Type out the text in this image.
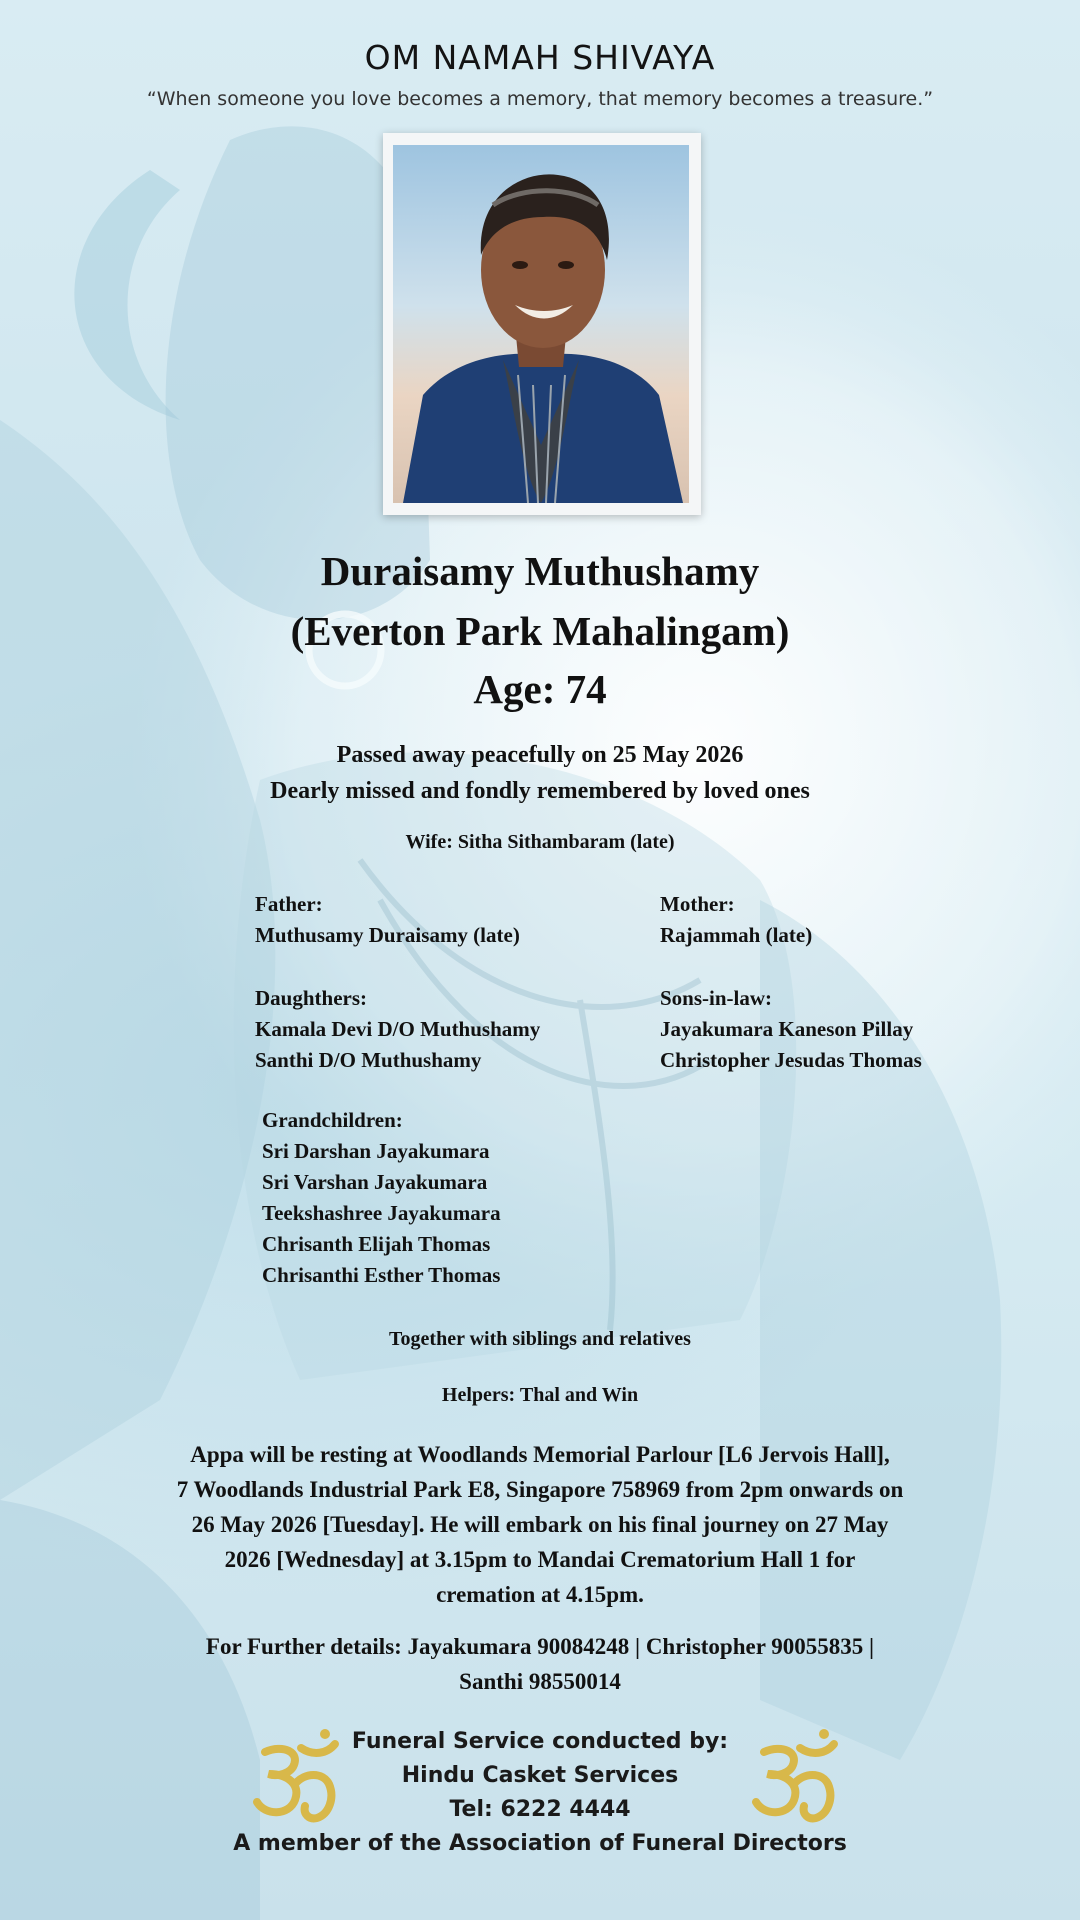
OM NAMAH SHIVAYA
“When someone you love becomes a memory, that memory becomes a treasure.”
Duraisamy Muthushamy
(Everton Park Mahalingam)
Age: 74
Passed away peacefully on 25 May 2026
Dearly missed and fondly remembered by loved ones
Wife: Sitha Sithambaram (late)
Father:
Muthusamy Duraisamy (late)
Mother:
Rajammah (late)
Daughthers:
Kamala Devi D/O Muthushamy
Santhi D/O Muthushamy
Sons-in-law:
Jayakumara Kaneson Pillay
Christopher Jesudas Thomas
Grandchildren:
Sri Darshan Jayakumara
Sri Varshan Jayakumara
Teekshashree Jayakumara
Chrisanth Elijah Thomas
Chrisanthi Esther Thomas
Together with siblings and relatives
Helpers: Thal and Win
Appa will be resting at Woodlands Memorial Parlour [L6 Jervois Hall],
7 Woodlands Industrial Park E8, Singapore 758969 from 2pm onwards on
26 May 2026 [Tuesday]. He will embark on his final journey on 27 May
2026 [Wednesday] at 3.15pm to Mandai Crematorium Hall 1 for
cremation at 4.15pm.
For Further details: Jayakumara 90084248 | Christopher 90055835 |
Santhi 98550014
Funeral Service conducted by:
Hindu Casket Services
Tel: 6222 4444
A member of the Association of Funeral Directors
